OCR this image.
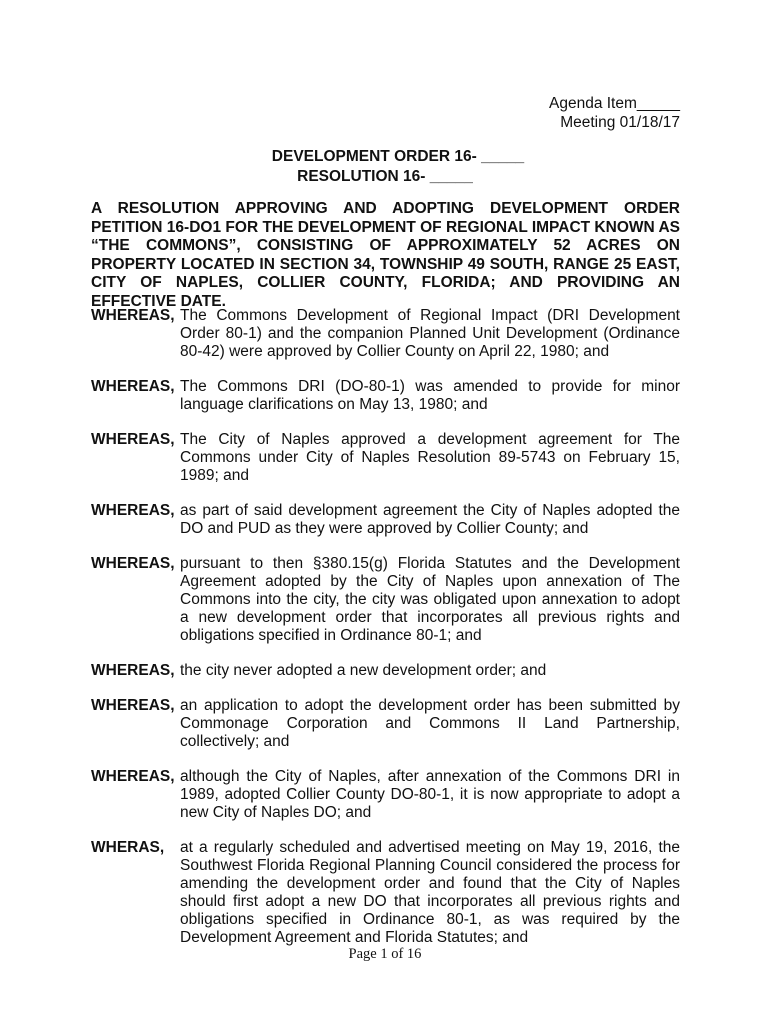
Agenda Item_____
Meeting 01/18/17
DEVELOPMENT ORDER 16- _____
RESOLUTION 16- _____
A RESOLUTION APPROVING AND ADOPTING DEVELOPMENT ORDER PETITION 16-DO1 FOR THE DEVELOPMENT OF REGIONAL IMPACT KNOWN AS “THE COMMONS”, CONSISTING OF APPROXIMATELY 52 ACRES ON PROPERTY LOCATED IN SECTION 34, TOWNSHIP 49 SOUTH, RANGE 25 EAST, CITY OF NAPLES, COLLIER COUNTY, FLORIDA; AND PROVIDING AN EFFECTIVE DATE.
WHEREAS, The Commons Development of Regional Impact (DRI Development Order 80-1) and the companion Planned Unit Development (Ordinance 80-42) were approved by Collier County on April 22, 1980; and
WHEREAS, The Commons DRI (DO-80-1) was amended to provide for minor language clarifications on May 13, 1980; and
WHEREAS, The City of Naples approved a development agreement for The Commons under City of Naples Resolution 89-5743 on February 15, 1989; and
WHEREAS, as part of said development agreement the City of Naples adopted the DO and PUD as they were approved by Collier County; and
WHEREAS, pursuant to then §380.15(g) Florida Statutes and the Development Agreement adopted by the City of Naples upon annexation of The Commons into the city, the city was obligated upon annexation to adopt a new development order that incorporates all previous rights and obligations specified in Ordinance 80-1; and
WHEREAS, the city never adopted a new development order; and
WHEREAS, an application to adopt the development order has been submitted by Commonage Corporation and Commons II Land Partnership, collectively; and
WHEREAS, although the City of Naples, after annexation of the Commons DRI in 1989, adopted Collier County DO-80-1, it is now appropriate to adopt a new City of Naples DO; and
WHERAS,	at a regularly scheduled and advertised meeting on May 19, 2016, the Southwest Florida Regional Planning Council considered the process for amending the development order and found that the City of Naples should first adopt a new DO that incorporates all previous rights and obligations specified in Ordinance 80-1, as was required by the Development Agreement and Florida Statutes; and
Page 1 of 16
